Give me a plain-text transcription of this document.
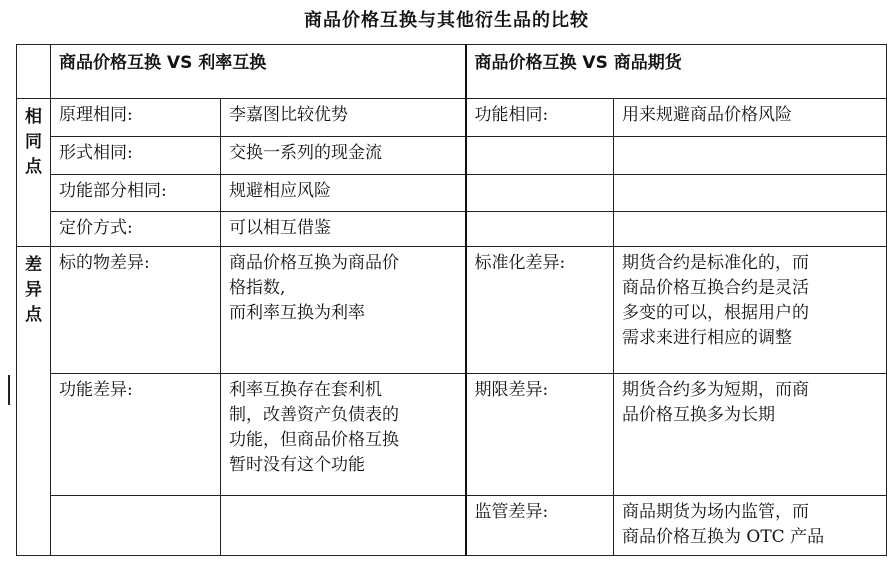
商品价格互换与其他衍生品的比较
	商品价格互换 VS 利率互换		商品价格互换 VS 商品期货	

相
同
点	原理相同:	李嘉图比较优势	功能相同:	用来规避商品价格风险
	形式相同:	交换一系列的现金流		
	功能部分相同:	规避相应风险		
	定价方式:	可以相互借鉴		

差
异
点	标的物差异:	商品价格互换为商品价
格指数,
而利率互换为利率	标准化差异:	期货合约是标准化的，而
商品价格互换合约是灵活
多变的可以，根据用户的
需求来进行相应的调整
	功能差异:	利率互换存在套利机
制，改善资产负债表的
功能，但商品价格互换
暂时没有这个功能	期限差异:	期货合约多为短期，而商
品价格互换多为长期
			监管差异:	商品期货为场内监管，而
商品价格互换为 OTC 产品
